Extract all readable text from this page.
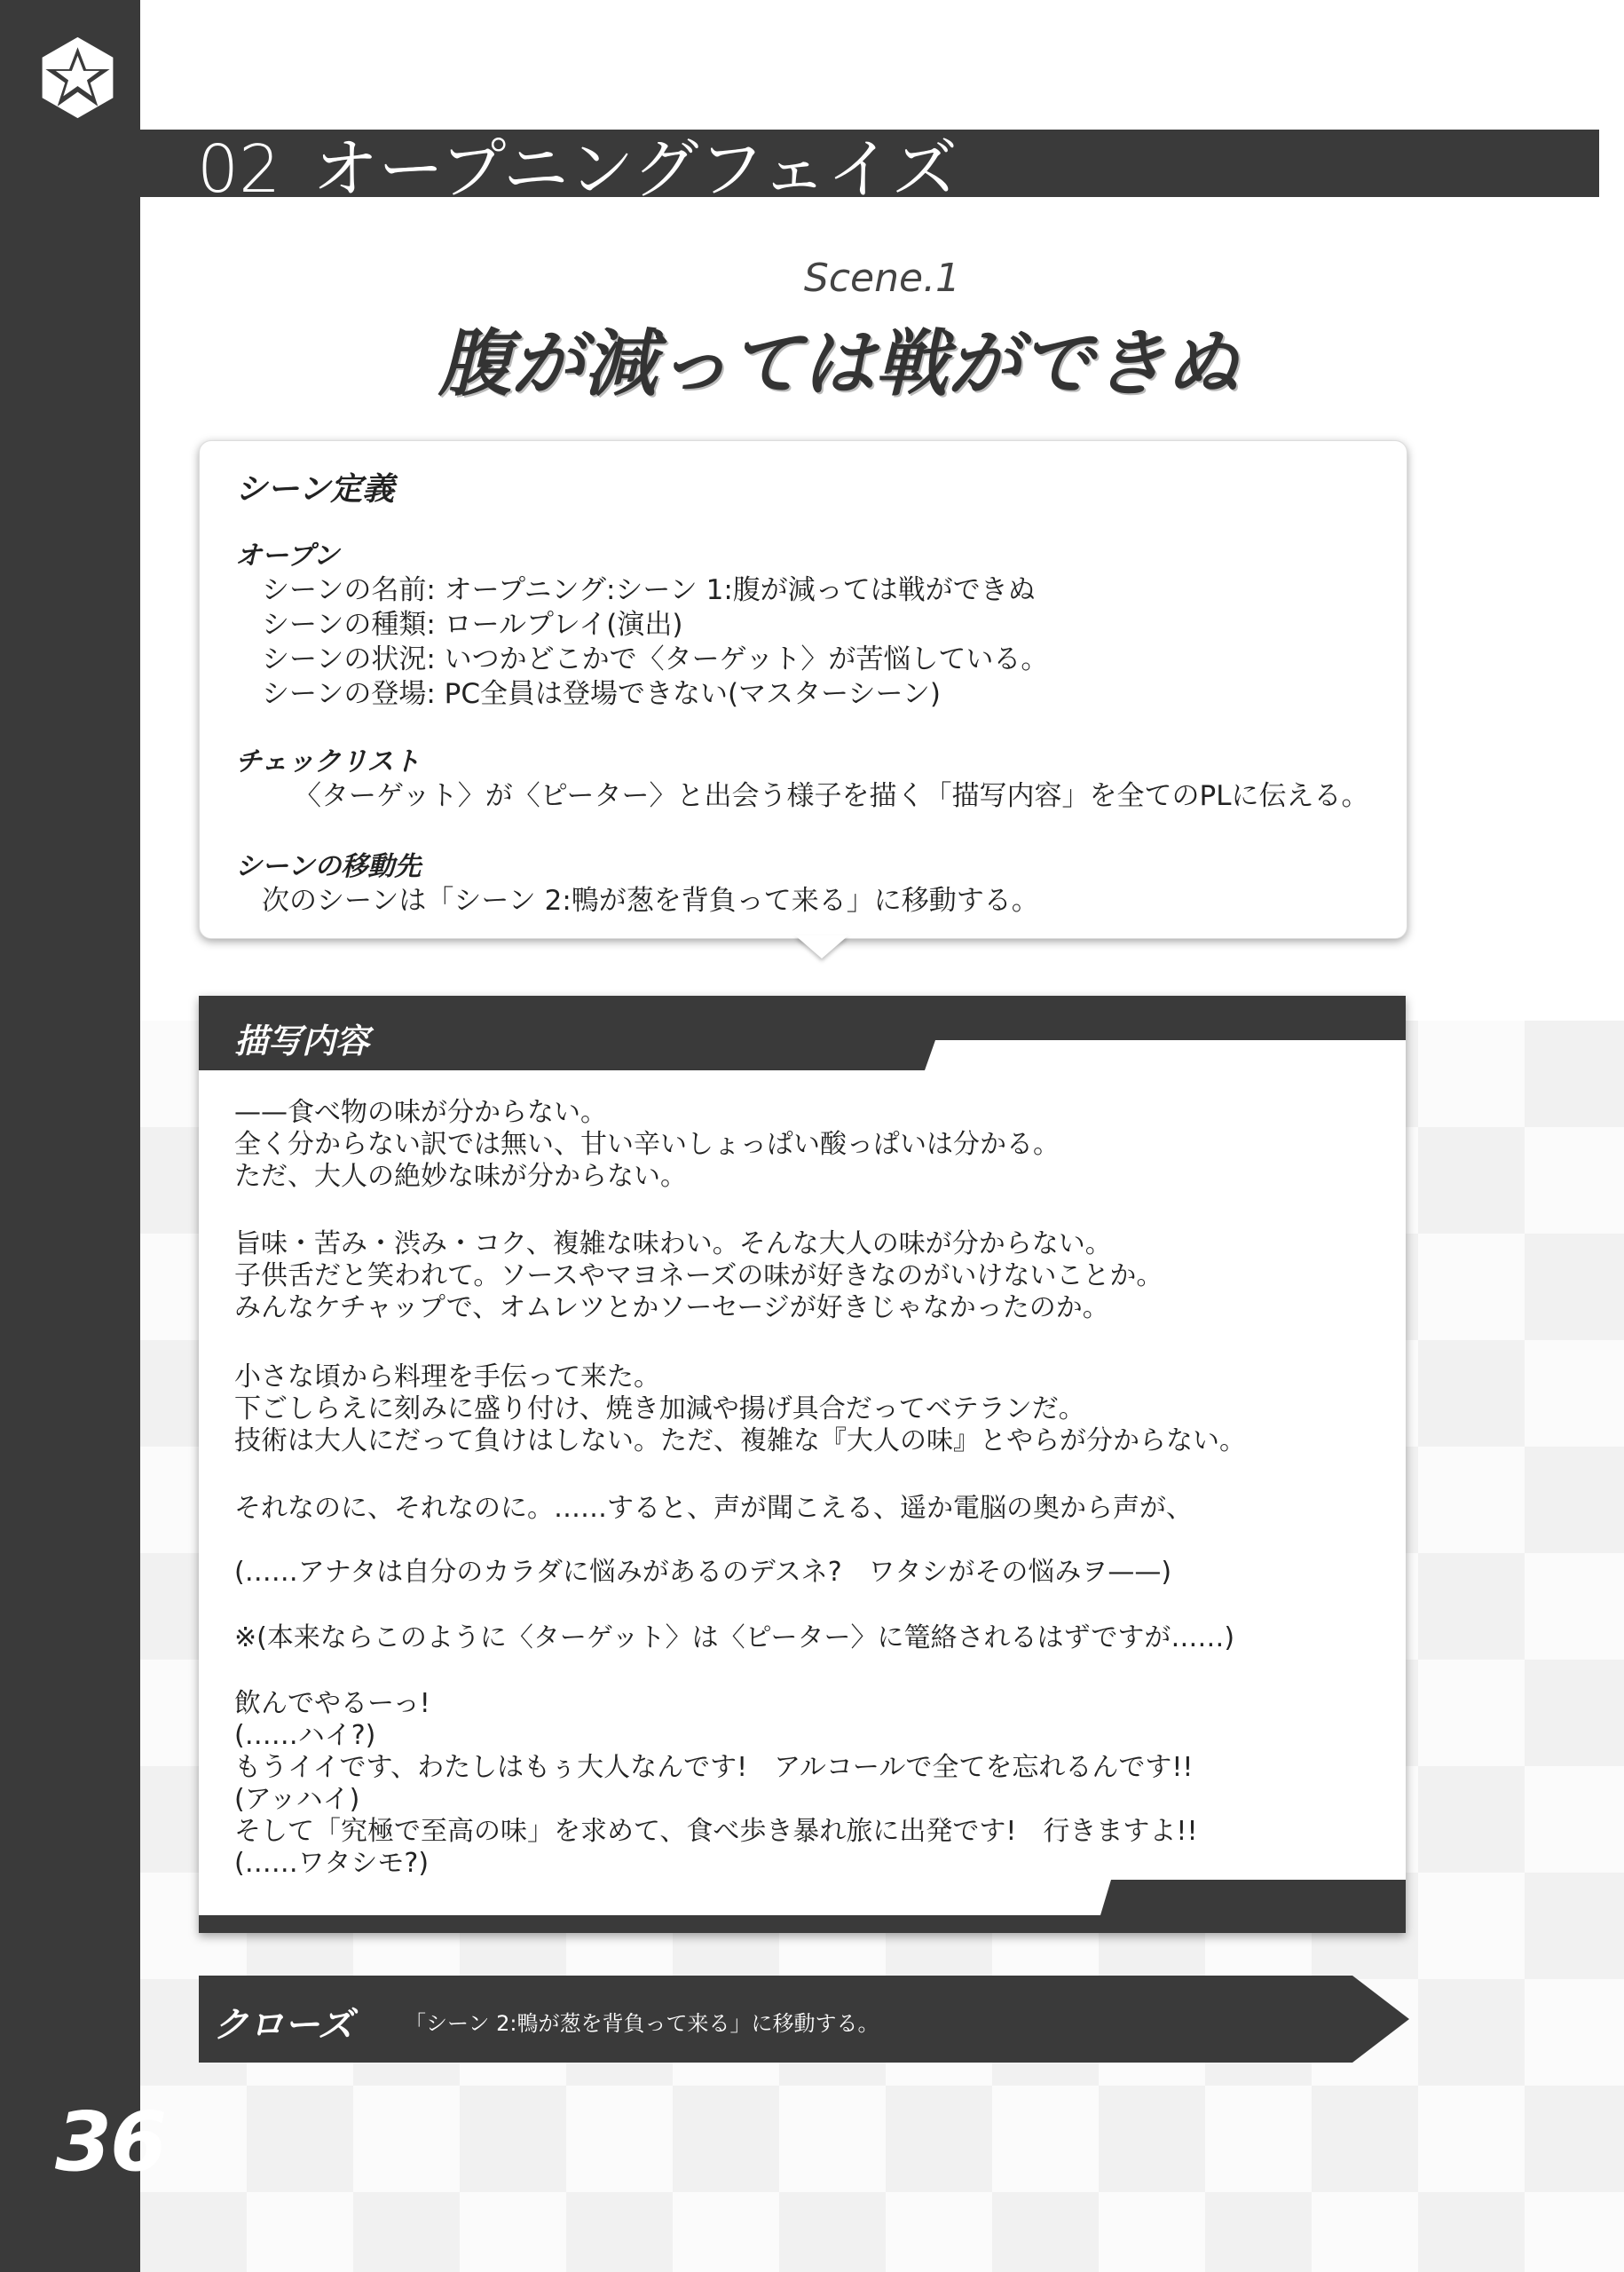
36
02 オープニングフェイズ
Scene.1
腹が減っては戦ができぬ
シーン定義
オープン
シーンの名前: オープニング:シーン 1:腹が減っては戦ができぬ
シーンの種類: ロールプレイ(演出)
シーンの状況: いつかどこかで〈ターゲット〉が苦悩している。
シーンの登場: PC全員は登場できない(マスターシーン)
チェックリスト
〈ターゲット〉が〈ピーター〉と出会う様子を描く「描写内容」を全てのPLに伝える。
シーンの移動先
次のシーンは「シーン 2:鴨が葱を背負って来る」に移動する。
描写内容
——食べ物の味が分からない。
全く分からない訳では無い、甘い辛いしょっぱい酸っぱいは分かる。
ただ、大人の絶妙な味が分からない。
旨味・苦み・渋み・コク、複雑な味わい。そんな大人の味が分からない。
子供舌だと笑われて。ソースやマヨネーズの味が好きなのがいけないことか。
みんなケチャップで、オムレツとかソーセージが好きじゃなかったのか。
小さな頃から料理を手伝って来た。
下ごしらえに刻みに盛り付け、焼き加減や揚げ具合だってベテランだ。
技術は大人にだって負けはしない。ただ、複雑な『大人の味』とやらが分からない。
それなのに、それなのに。……すると、声が聞こえる、遥か電脳の奥から声が、
(……アナタは自分のカラダに悩みがあるのデスネ?　ワタシがその悩みヲ——)
※(本来ならこのように〈ターゲット〉は〈ピーター〉に篭絡されるはずですが……)
飲んでやるーっ!
(……ハイ?)
もうイイです、わたしはもぅ大人なんです!　アルコールで全てを忘れるんです!!
(アッハイ)
そして「究極で至高の味」を求めて、食べ歩き暴れ旅に出発です!　行きますよ!!
(……ワタシモ?)
クローズ 「シーン 2:鴨が葱を背負って来る」に移動する。
